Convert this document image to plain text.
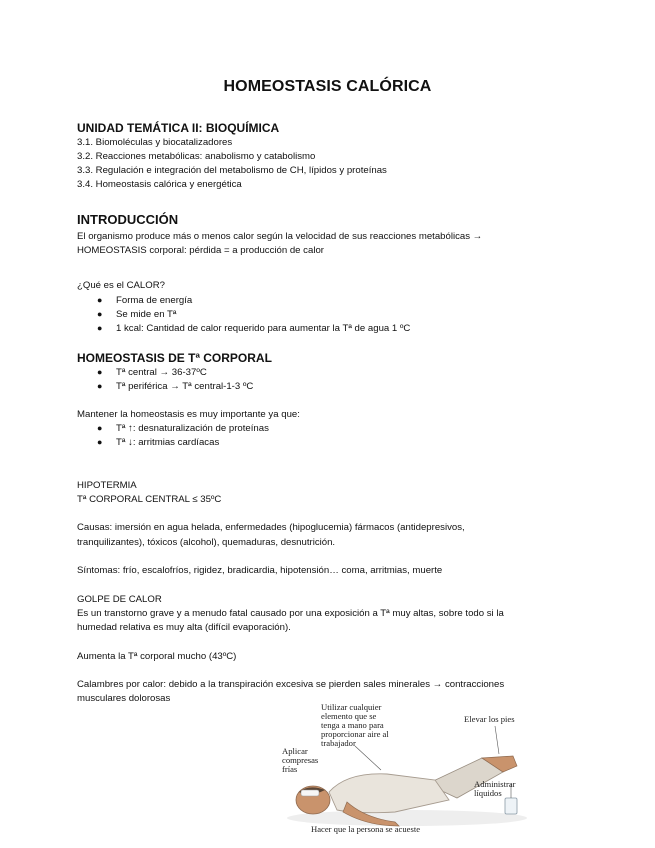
HOMEOSTASIS CALÓRICA
UNIDAD TEMÁTICA II: BIOQUÍMICA
3.1. Biomoléculas y biocatalizadores
3.2. Reacciones metabólicas: anabolismo y catabolismo
3.3. Regulación e integración del metabolismo de CH, lípidos y proteínas
3.4. Homeostasis calórica y energética
INTRODUCCIÓN
El organismo produce más o menos calor según la velocidad de sus reacciones metabólicas →
HOMEOSTASIS corporal: pérdida = a producción de calor
¿Qué es el CALOR?
● Forma de energía
● Se mide en Tª
● 1 kcal: Cantidad de calor requerido para aumentar la Tª de agua 1 ºC
HOMEOSTASIS DE Tª CORPORAL
● Tª central → 36-37ºC
● Tª periférica → Tª central-1-3 ºC
Mantener la homeostasis es muy importante ya que:
● Tª ↑: desnaturalización de proteínas
● Tª ↓: arritmias cardíacas
HIPOTERMIA
Tª CORPORAL CENTRAL ≤ 35ºC
Causas: imersión en agua helada, enfermedades (hipoglucemia) fármacos (antidepresivos,
tranquilizantes), tóxicos (alcohol), quemaduras, desnutrición.
Síntomas: frío, escalofríos, rigidez, bradicardia, hipotensión… coma, arritmias, muerte
GOLPE DE CALOR
Es un transtorno grave y a menudo fatal causado por una exposición a Tª muy altas, sobre todo si la
humedad relativa es muy alta (difícil evaporación).
Aumenta la Tª corporal mucho (43ºC)
Calambres por calor: debido a la transpiración excesiva se pierden sales minerales → contracciones
musculares dolorosas
Utilizar cualquier
elemento que se
tenga a mano para
proporcionar aire al
trabajador
Elevar los pies
Aplicar
compresas
frías
Administrar
líquidos
Hacer que la persona se acueste
